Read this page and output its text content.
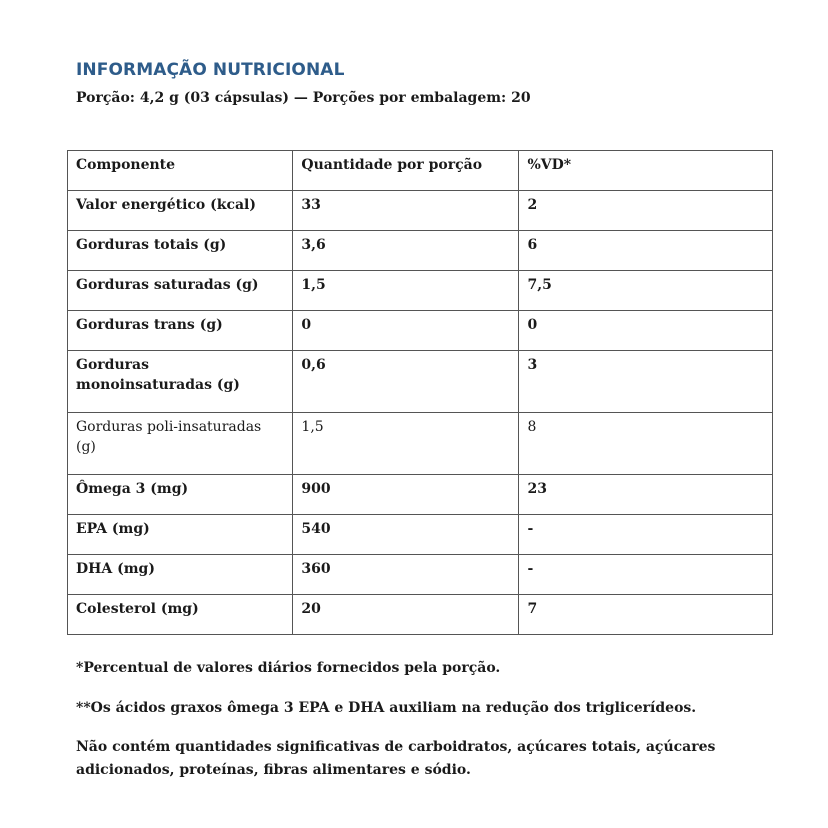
INFORMAÇÃO NUTRICIONAL
Porção: 4,2 g (03 cápsulas) — Porções por embalagem: 20
Componente	Quantidade por porção	%VD*
Valor energético (kcal)	33	2
Gorduras totais (g)	3,6	6
Gorduras saturadas (g)	1,5	7,5
Gorduras trans (g)	0	0
Gorduras monoinsaturadas (g)	0,6	3
Gorduras poli-insaturadas (g)	1,5	8
Ômega 3 (mg)	900	23
EPA (mg)	540	-
DHA (mg)	360	-
Colesterol (mg)	20	7
*Percentual de valores diários fornecidos pela porção.
**Os ácidos graxos ômega 3 EPA e DHA auxiliam na redução dos triglicerídeos.
Não contém quantidades significativas de carboidratos, açúcares totais, açúcares adicionados, proteínas, fibras alimentares e sódio.
